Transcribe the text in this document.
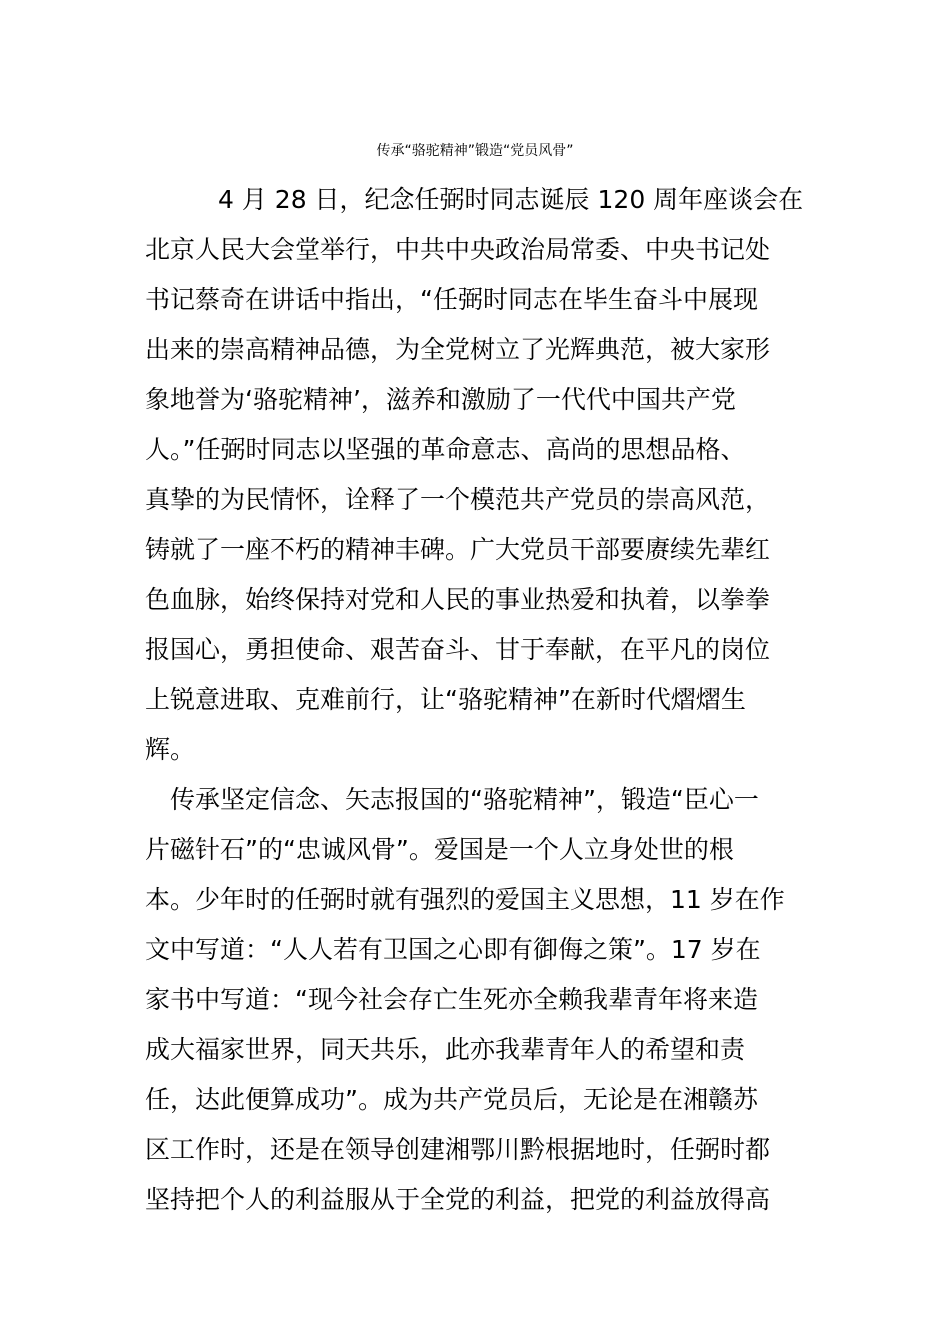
传承“骆驼精神”锻造“党员风骨”
4 月 28 日，纪念任弼时同志诞辰 120 周年座谈会在
北京人民大会堂举行，中共中央政治局常委、中央书记处
书记蔡奇在讲话中指出，“任弼时同志在毕生奋斗中展现
出来的崇高精神品德，为全党树立了光辉典范，被大家形
象地誉为‘骆驼精神’，滋养和激励了一代代中国共产党
人。”任弼时同志以坚强的革命意志、高尚的思想品格、
真挚的为民情怀，诠释了一个模范共产党员的崇高风范，
铸就了一座不朽的精神丰碑。广大党员干部要赓续先辈红
色血脉，始终保持对党和人民的事业热爱和执着，以拳拳
报国心，勇担使命、艰苦奋斗、甘于奉献，在平凡的岗位
上锐意进取、克难前行，让“骆驼精神”在新时代熠熠生
辉。
传承坚定信念、矢志报国的“骆驼精神”，锻造“臣心一
片磁针石”的“忠诚风骨”。爱国是一个人立身处世的根
本。少年时的任弼时就有强烈的爱国主义思想，11 岁在作
文中写道：“人人若有卫国之心即有御侮之策”。17 岁在
家书中写道：“现今社会存亡生死亦全赖我辈青年将来造
成大福家世界，同天共乐，此亦我辈青年人的希望和责
任，达此便算成功”。成为共产党员后，无论是在湘赣苏
区工作时，还是在领导创建湘鄂川黔根据地时，任弼时都
坚持把个人的利益服从于全党的利益，把党的利益放得高
